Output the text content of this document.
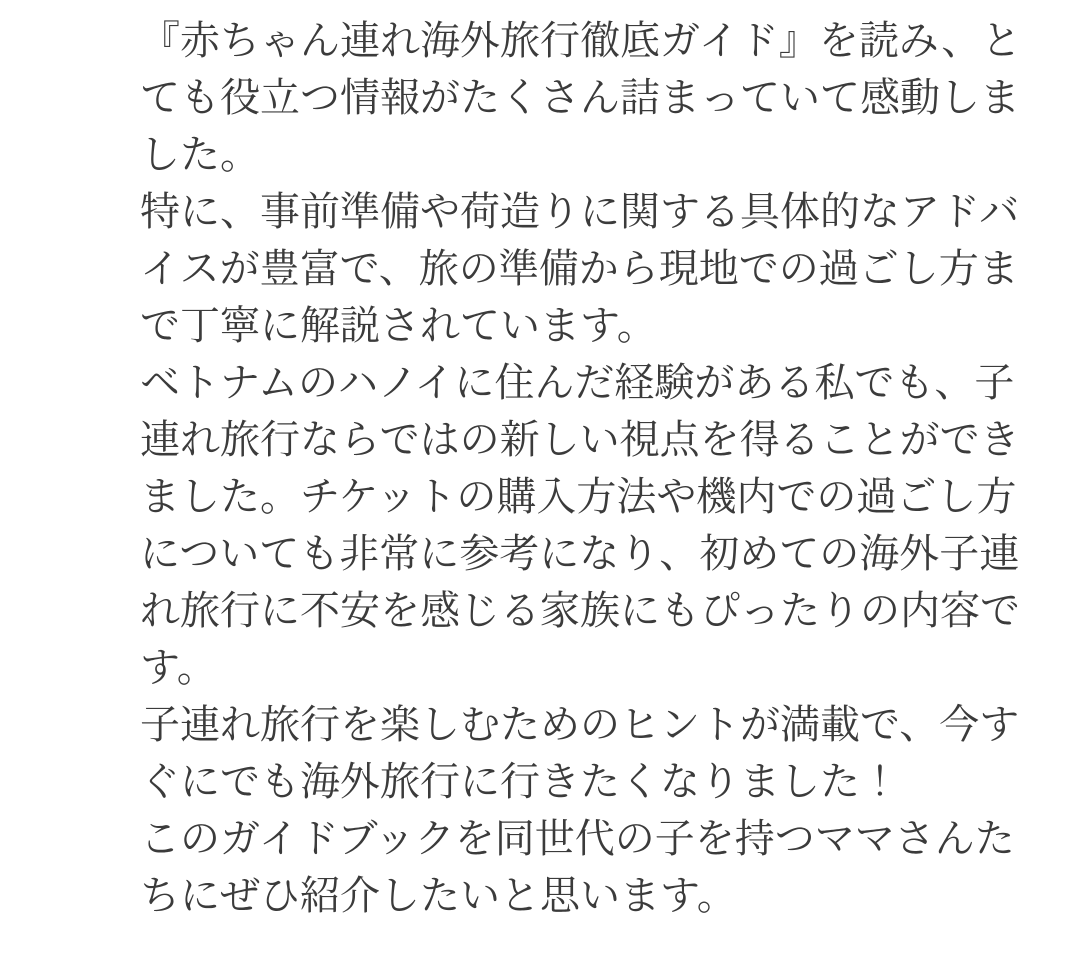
『赤ちゃん連れ海外旅行徹底ガイド』を読み、と
ても役立つ情報がたくさん詰まっていて感動しま
した。

特に、事前準備や荷造りに関する具体的なアドバ
イスが豊富で、旅の準備から現地での過ごし方ま
で丁寧に解説されています。

ベトナムのハノイに住んだ経験がある私でも、子
連れ旅行ならではの新しい視点を得ることができ
ました。チケットの購入方法や機内での過ごし方
についても非常に参考になり、初めての海外子連
れ旅行に不安を感じる家族にもぴったりの内容で
す。

子連れ旅行を楽しむためのヒントが満載で、今す
ぐにでも海外旅行に行きたくなりました！

このガイドブックを同世代の子を持つママさんた
ちにぜひ紹介したいと思います。
